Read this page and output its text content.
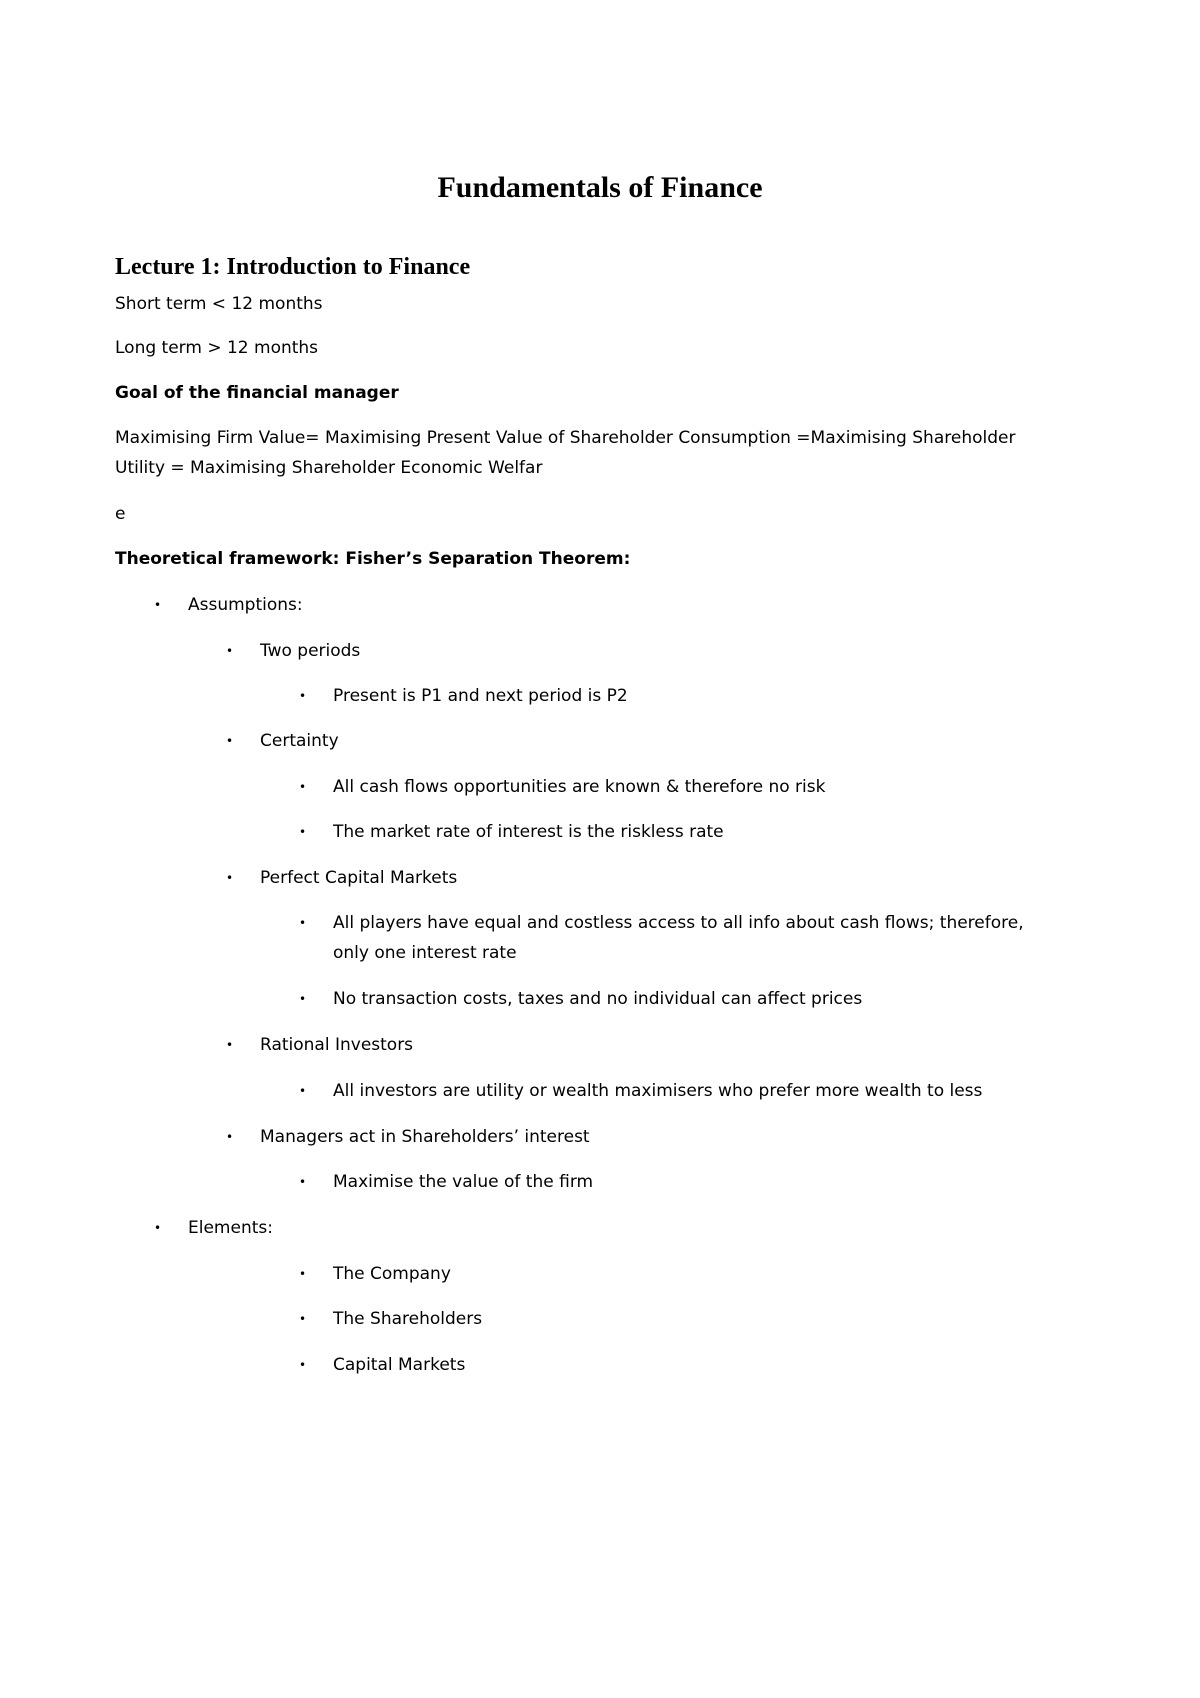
Fundamentals of Finance
Lecture 1: Introduction to Finance

Short term < 12 months

Long term > 12 months

Goal of the financial manager

Maximising Firm Value= Maximising Present Value of Shareholder Consumption =Maximising Shareholder

Utility = Maximising Shareholder Economic Welfar

e

Theoretical framework: Fisher’s Separation Theorem:

• Assumptions:

• Two periods

• Present is P1 and next period is P2

• Certainty

• All cash flows opportunities are known & therefore no risk

• The market rate of interest is the riskless rate

• Perfect Capital Markets

• All players have equal and costless access to all info about cash flows; therefore,

only one interest rate

• No transaction costs, taxes and no individual can affect prices

• Rational Investors

• All investors are utility or wealth maximisers who prefer more wealth to less

• Managers act in Shareholders’ interest

• Maximise the value of the firm

• Elements:

• The Company

• The Shareholders

• Capital Markets
